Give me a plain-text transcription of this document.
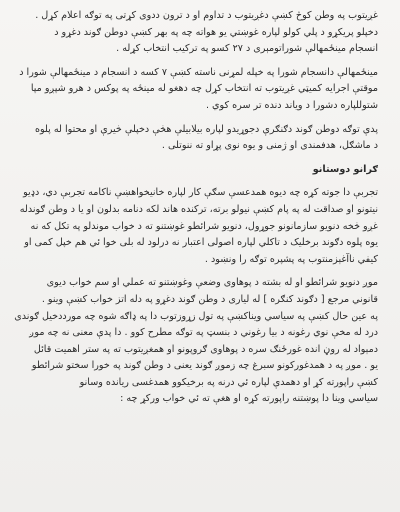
غږيتوب په وطن کوڅ کښې دغږيتوب د تداوم او د ترون ددوی کړتی په توګه اعلام کړل .
دخپلو پريکړو د پلي کولو لپاره غوښتي يو هواته چه په بهر کښې دوطن ګوند دغړو د
انسجام مينځمهالې شوراتومېری د ۲۷ کسو په ترکيب انتخاب کړله .
مينځمهالې دانسجام شورا په خپله لمړنی ناسته کښې ۷ کسه د انسجام د مينځمهالې شورا د
موقتې اجرايه کميټي غږيتوب ته انتخاب کړل چه دهغو له مينځه په پوکس د هرو شپږو مپا
شتوللپاره دشورا د وياند دنده تر سره کوي .
پدې توګه دوطن ګوند دګنګرې دجوړيدو لپاره بيلابيلې هڅې دخپلې څيرې او محتوا له پلوه
د ماشګل، هدفمندی او ژمنی و يوه نوی پړاو ته ننوتلی .
ګرانو دوستانو
تجربې دا جوته کړه چه ديوه همدعسې سګې کار لپاره خانيخواهښې ناکامه تجربې دي، دډيو
نيتونو او صداقت له په پام کښې نيولو برته، ترکنده هاند لکه دنامه بدلون او يا د وطن ګوندله
غږو څخه دنويو سازمانونو جوړول، دنويو شرائطو غوښتنو ته د خواب موندلو په تکل که نه
يوه پلوه دګوند برخليک د تاکلي لپاره اصولی اعتبار نه درلود له بلی خوا ئي هم خپل کمی او
کيفي ناآغېزمنتوب په پشپره توګه را ونښود .
موږ دنويو شرائطو او له بشته د پوهاوی وضعې وغوښتنو ته عملي او سم خواب ديوی
قانوني مرجع [ دګوند کنګره ] له لياری د وطن ګوند دغړو په دله اتز خواب کښې وينو .
په عين حال کښې په سياسي ويناکښې په تول زړوزتوب دا په ډاګه شوه چه مورددخيل ګوندی
درد له مخې نوي رغونه د بيا رغوني د بنسټ په توګه مطرح کوو . دا پدې معنی نه چه موږ
دمېواد له روڼ انده غورځنګ سره د پوهاوی ګروپونو او همغږيتوب ته په ستر اهميت قائل
يو . موږ په د همدغورکونو سبرغ چه زموږ ګوند يعنی د وطن ګوند په خورا سختو شرائطو
کښې راپورته کړ او دهمدې لپاره ئي درنه په برخیکوو همدغسی ريانده وسانو
سياسي وينا دا پوښتنه راپورته کړه او هغې ته ئي خواب ورکړ چه :
